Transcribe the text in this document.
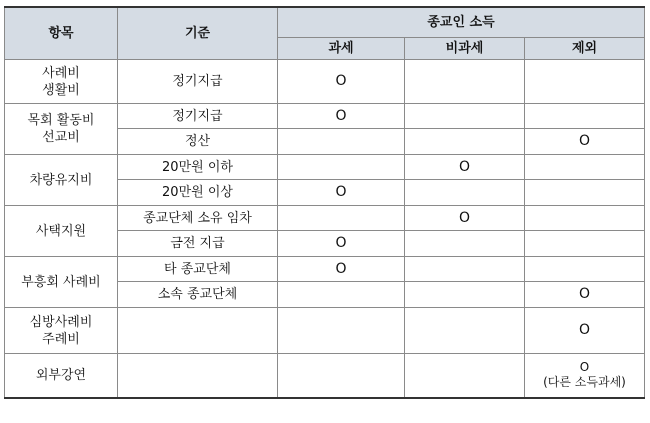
항목	기준	종교인 소득		
		과세	비과세	제외
사례비
생활비	정기지급	O		
목회 활동비
선교비	정기지급	O		
	정산			O
차량유지비	20만원 이하		O	
	20만원 이상	O		
사택지원	종교단체 소유 임차		O	
	금전 지급	O		
부흥회 사례비	타 종교단체	O		
	소속 종교단체			O
심방사례비
주례비				O
외부강연				O
(다른 소득과세)
